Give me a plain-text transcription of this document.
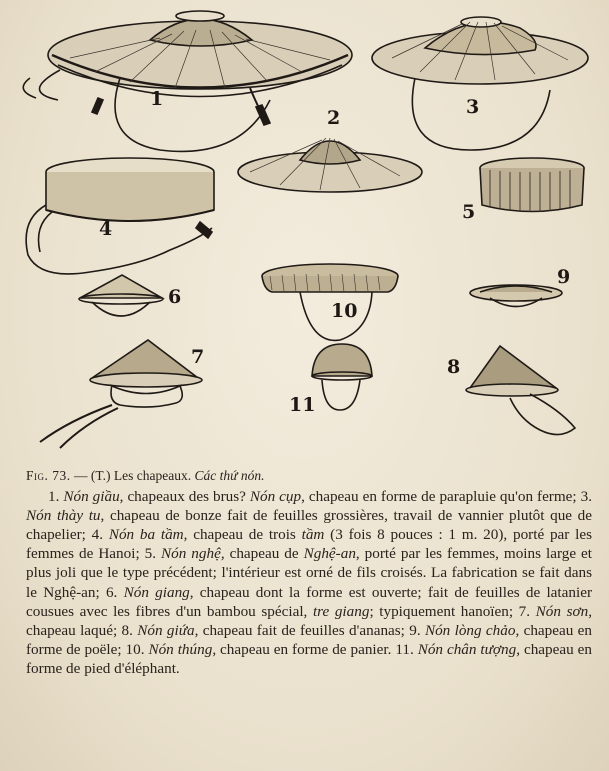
1
2	3
4
5
6
7	8
9
10
11

Fig. 73. — (T.) Les chapeaux. Các thứ nón.

1. Nón giầu, chapeaux des brus? Nón cụp, chapeau en forme de parapluie qu'on ferme; 3. Nón thày tu, chapeau de bonze fait de feuilles grossières, travail de vannier plutôt que de chapelier; 4. Nón ba tầm, chapeau de trois tầm (3 fois 8 pouces : 1 m. 20), porté par les femmes de Hanoi; 5. Nón nghệ, chapeau de Nghệ-an, porté par les femmes, moins large et plus joli que le type précédent; l'intérieur est orné de fils croisés. La fabrication se fait dans le Nghệ-an; 6. Nón giang, chapeau dont la forme est ouverte; fait de feuilles de latanier cousues avec les fibres d'un bambou spécial, tre giang; typiquement hanoïen; 7. Nón sơn, chapeau laqué; 8. Nón giứa, chapeau fait de feuilles d'ananas; 9. Nón lòng chảo, chapeau en forme de poële; 10. Nón thúng, chapeau en forme de panier. 11. Nón chân tượng, chapeau en forme de pied d'éléphant.
